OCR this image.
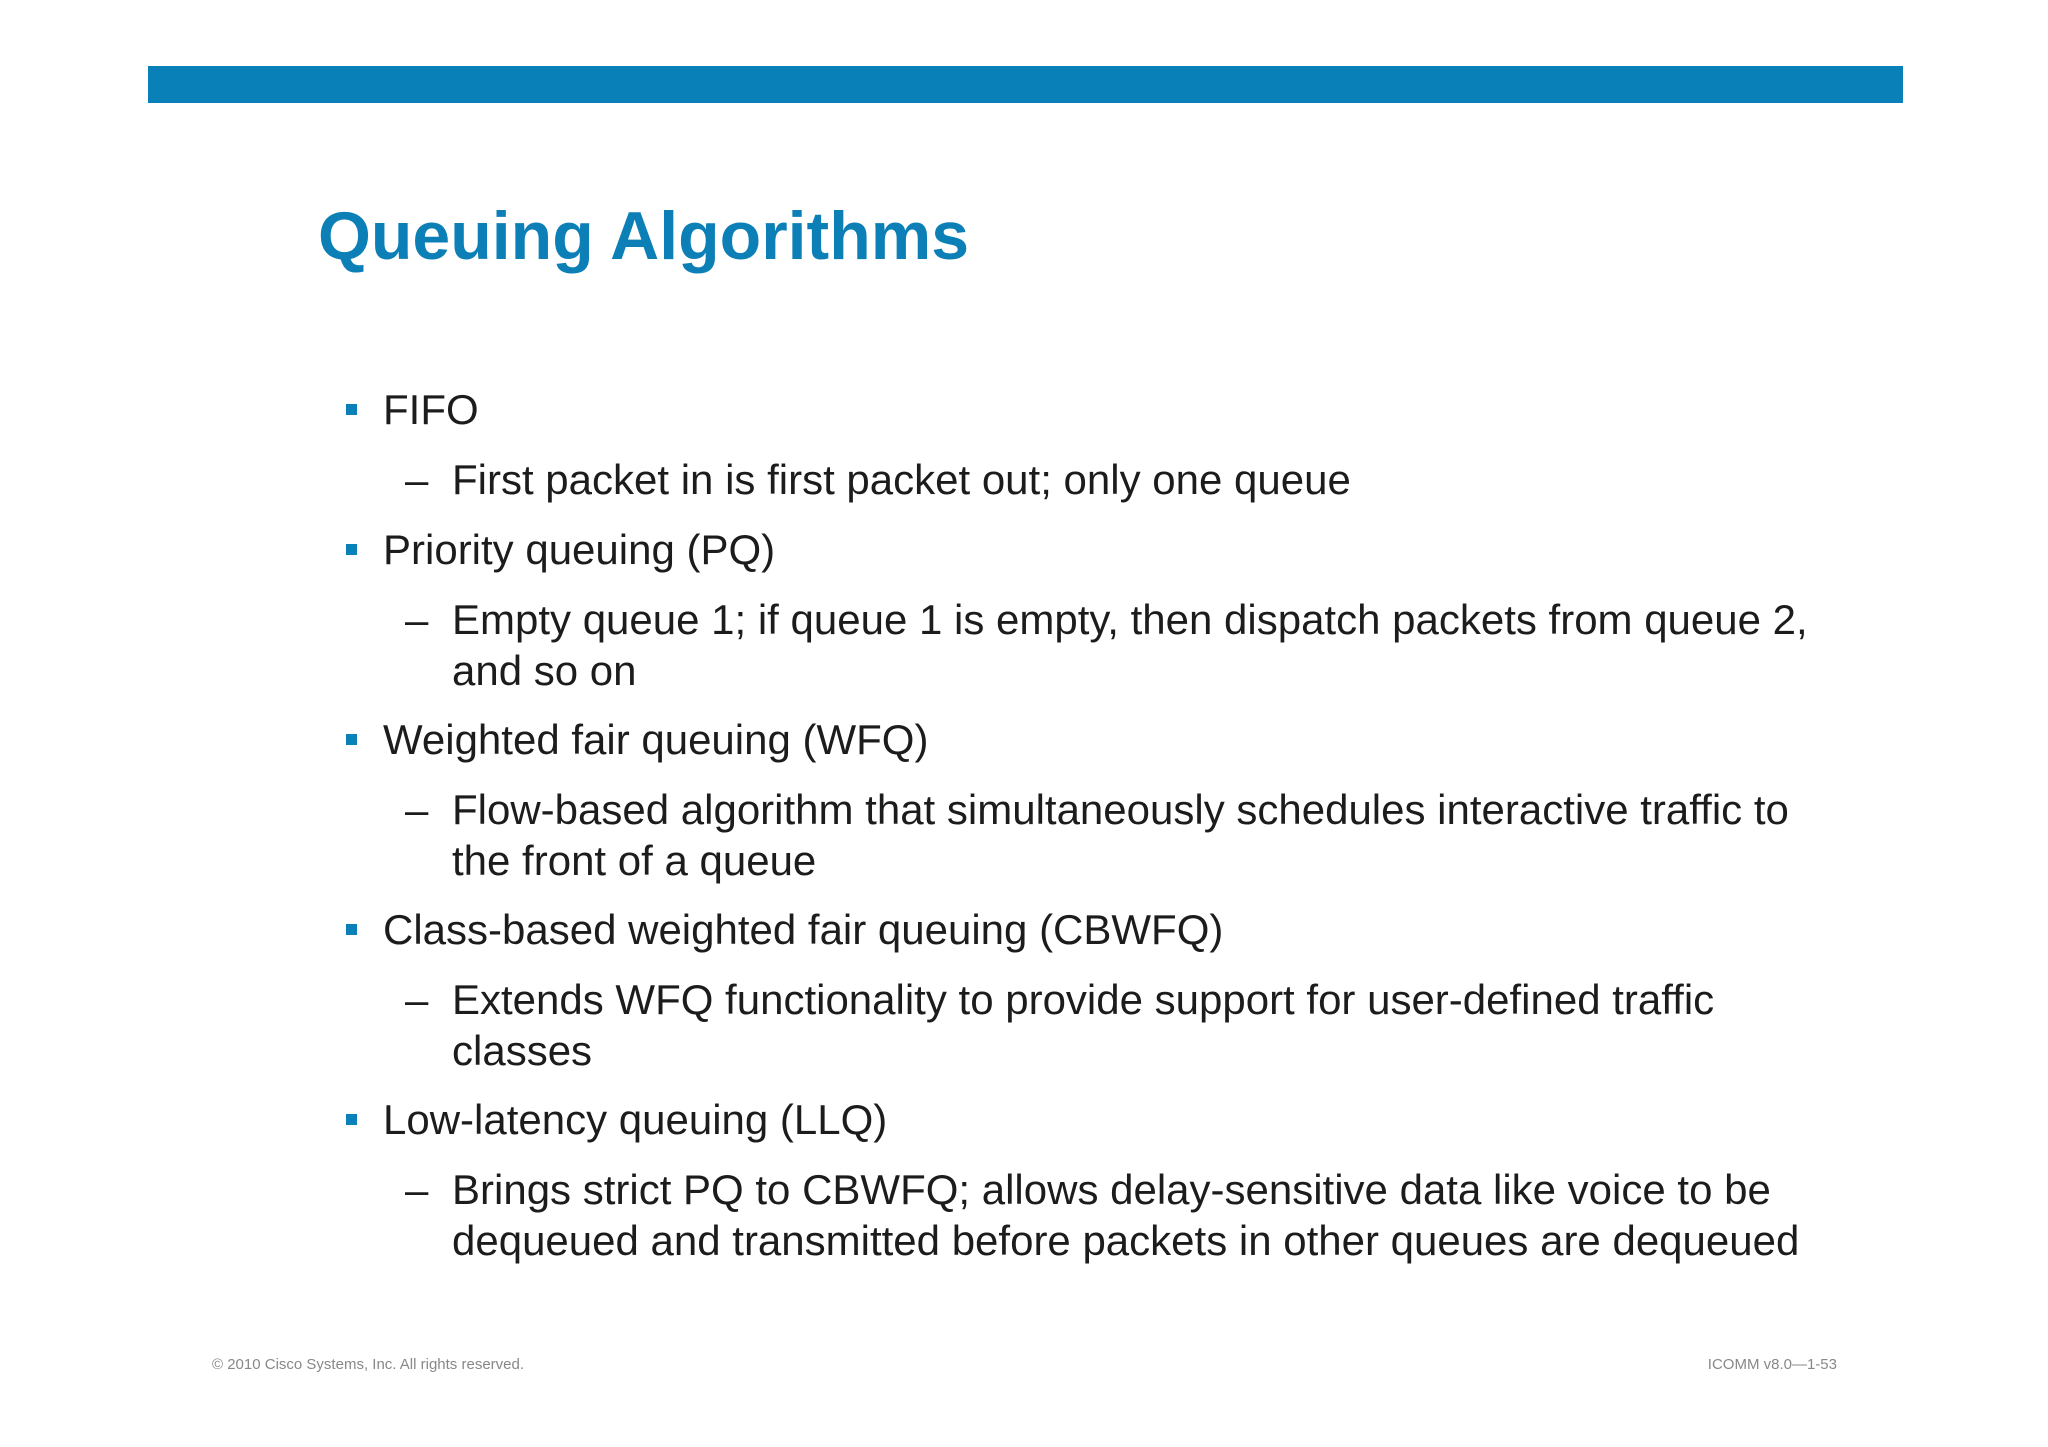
Queuing Algorithms
FIFO
– First packet in is first packet out; only one queue
Priority queuing (PQ)
– Empty queue 1; if queue 1 is empty, then dispatch packets from queue 2, and so on
Weighted fair queuing (WFQ)
– Flow-based algorithm that simultaneously schedules interactive traffic to the front of a queue
Class-based weighted fair queuing (CBWFQ)
– Extends WFQ functionality to provide support for user-defined traffic classes
Low-latency queuing (LLQ)
– Brings strict PQ to CBWFQ; allows delay-sensitive data like voice to be dequeued and transmitted before packets in other queues are dequeued
© 2010 Cisco Systems, Inc. All rights reserved.	ICOMM v8.0—1-53
